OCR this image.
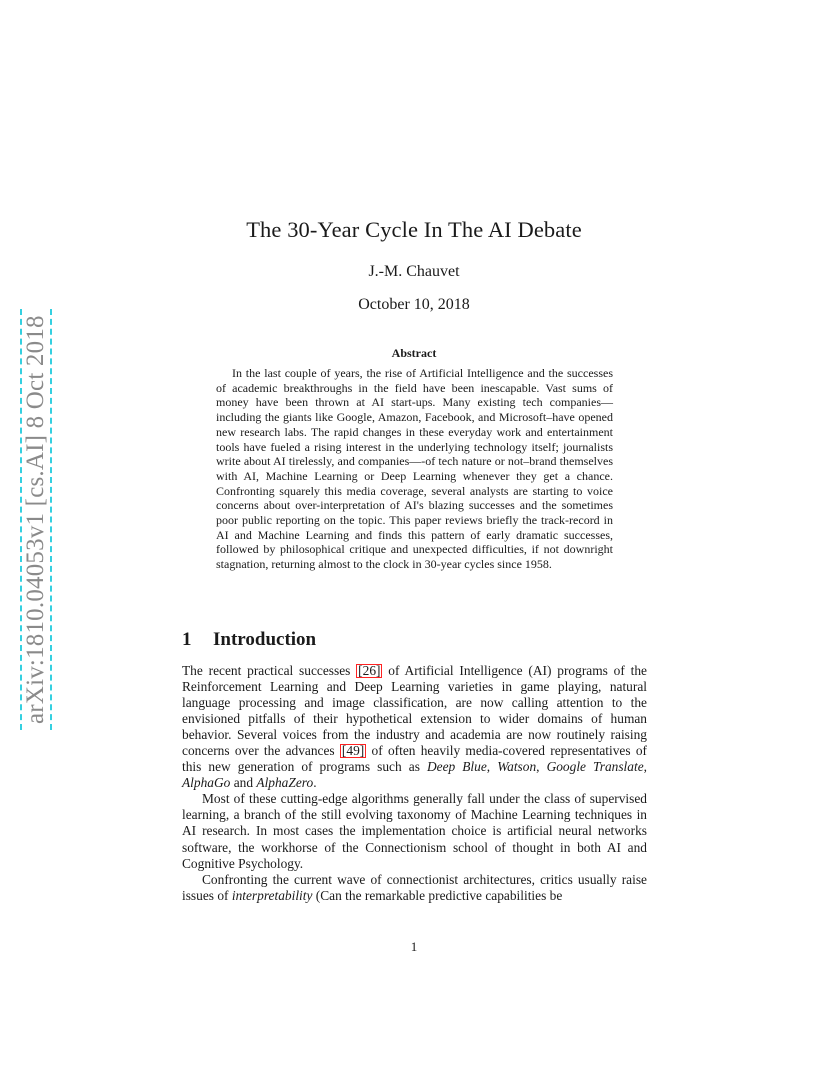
arXiv:1810.04053v1 [cs.AI] 8 Oct 2018
The 30-Year Cycle In The AI Debate
J.-M. Chauvet
October 10, 2018
Abstract
In the last couple of years, the rise of Artificial Intelligence and the successes of academic breakthroughs in the field have been inescapable. Vast sums of money have been thrown at AI start-ups. Many existing tech companies—including the giants like Google, Amazon, Facebook, and Microsoft–have opened new research labs. The rapid changes in these everyday work and entertainment tools have fueled a rising interest in the underlying technology itself; journalists write about AI tirelessly, and companies—-of tech nature or not–brand themselves with AI, Machine Learning or Deep Learning whenever they get a chance. Confronting squarely this media coverage, several analysts are starting to voice concerns about over-interpretation of AI's blazing successes and the sometimes poor public reporting on the topic. This paper reviews briefly the track-record in AI and Machine Learning and finds this pattern of early dramatic successes, followed by philosophical critique and unexpected difficulties, if not downright stagnation, returning almost to the clock in 30-year cycles since 1958.
1 Introduction

The recent practical successes [26] of Artificial Intelligence (AI) programs of the Reinforcement Learning and Deep Learning varieties in game playing, natural language processing and image classification, are now calling attention to the envisioned pitfalls of their hypothetical extension to wider domains of human behavior. Several voices from the industry and academia are now routinely raising concerns over the advances [49] of often heavily media-covered representatives of this new generation of programs such as Deep Blue, Watson, Google Translate, AlphaGo and AlphaZero.

Most of these cutting-edge algorithms generally fall under the class of supervised learning, a branch of the still evolving taxonomy of Machine Learning techniques in AI research. In most cases the implementation choice is artificial neural networks software, the workhorse of the Connectionism school of thought in both AI and Cognitive Psychology.

Confronting the current wave of connectionist architectures, critics usually raise issues of interpretability (Can the remarkable predictive capabilities be

1
